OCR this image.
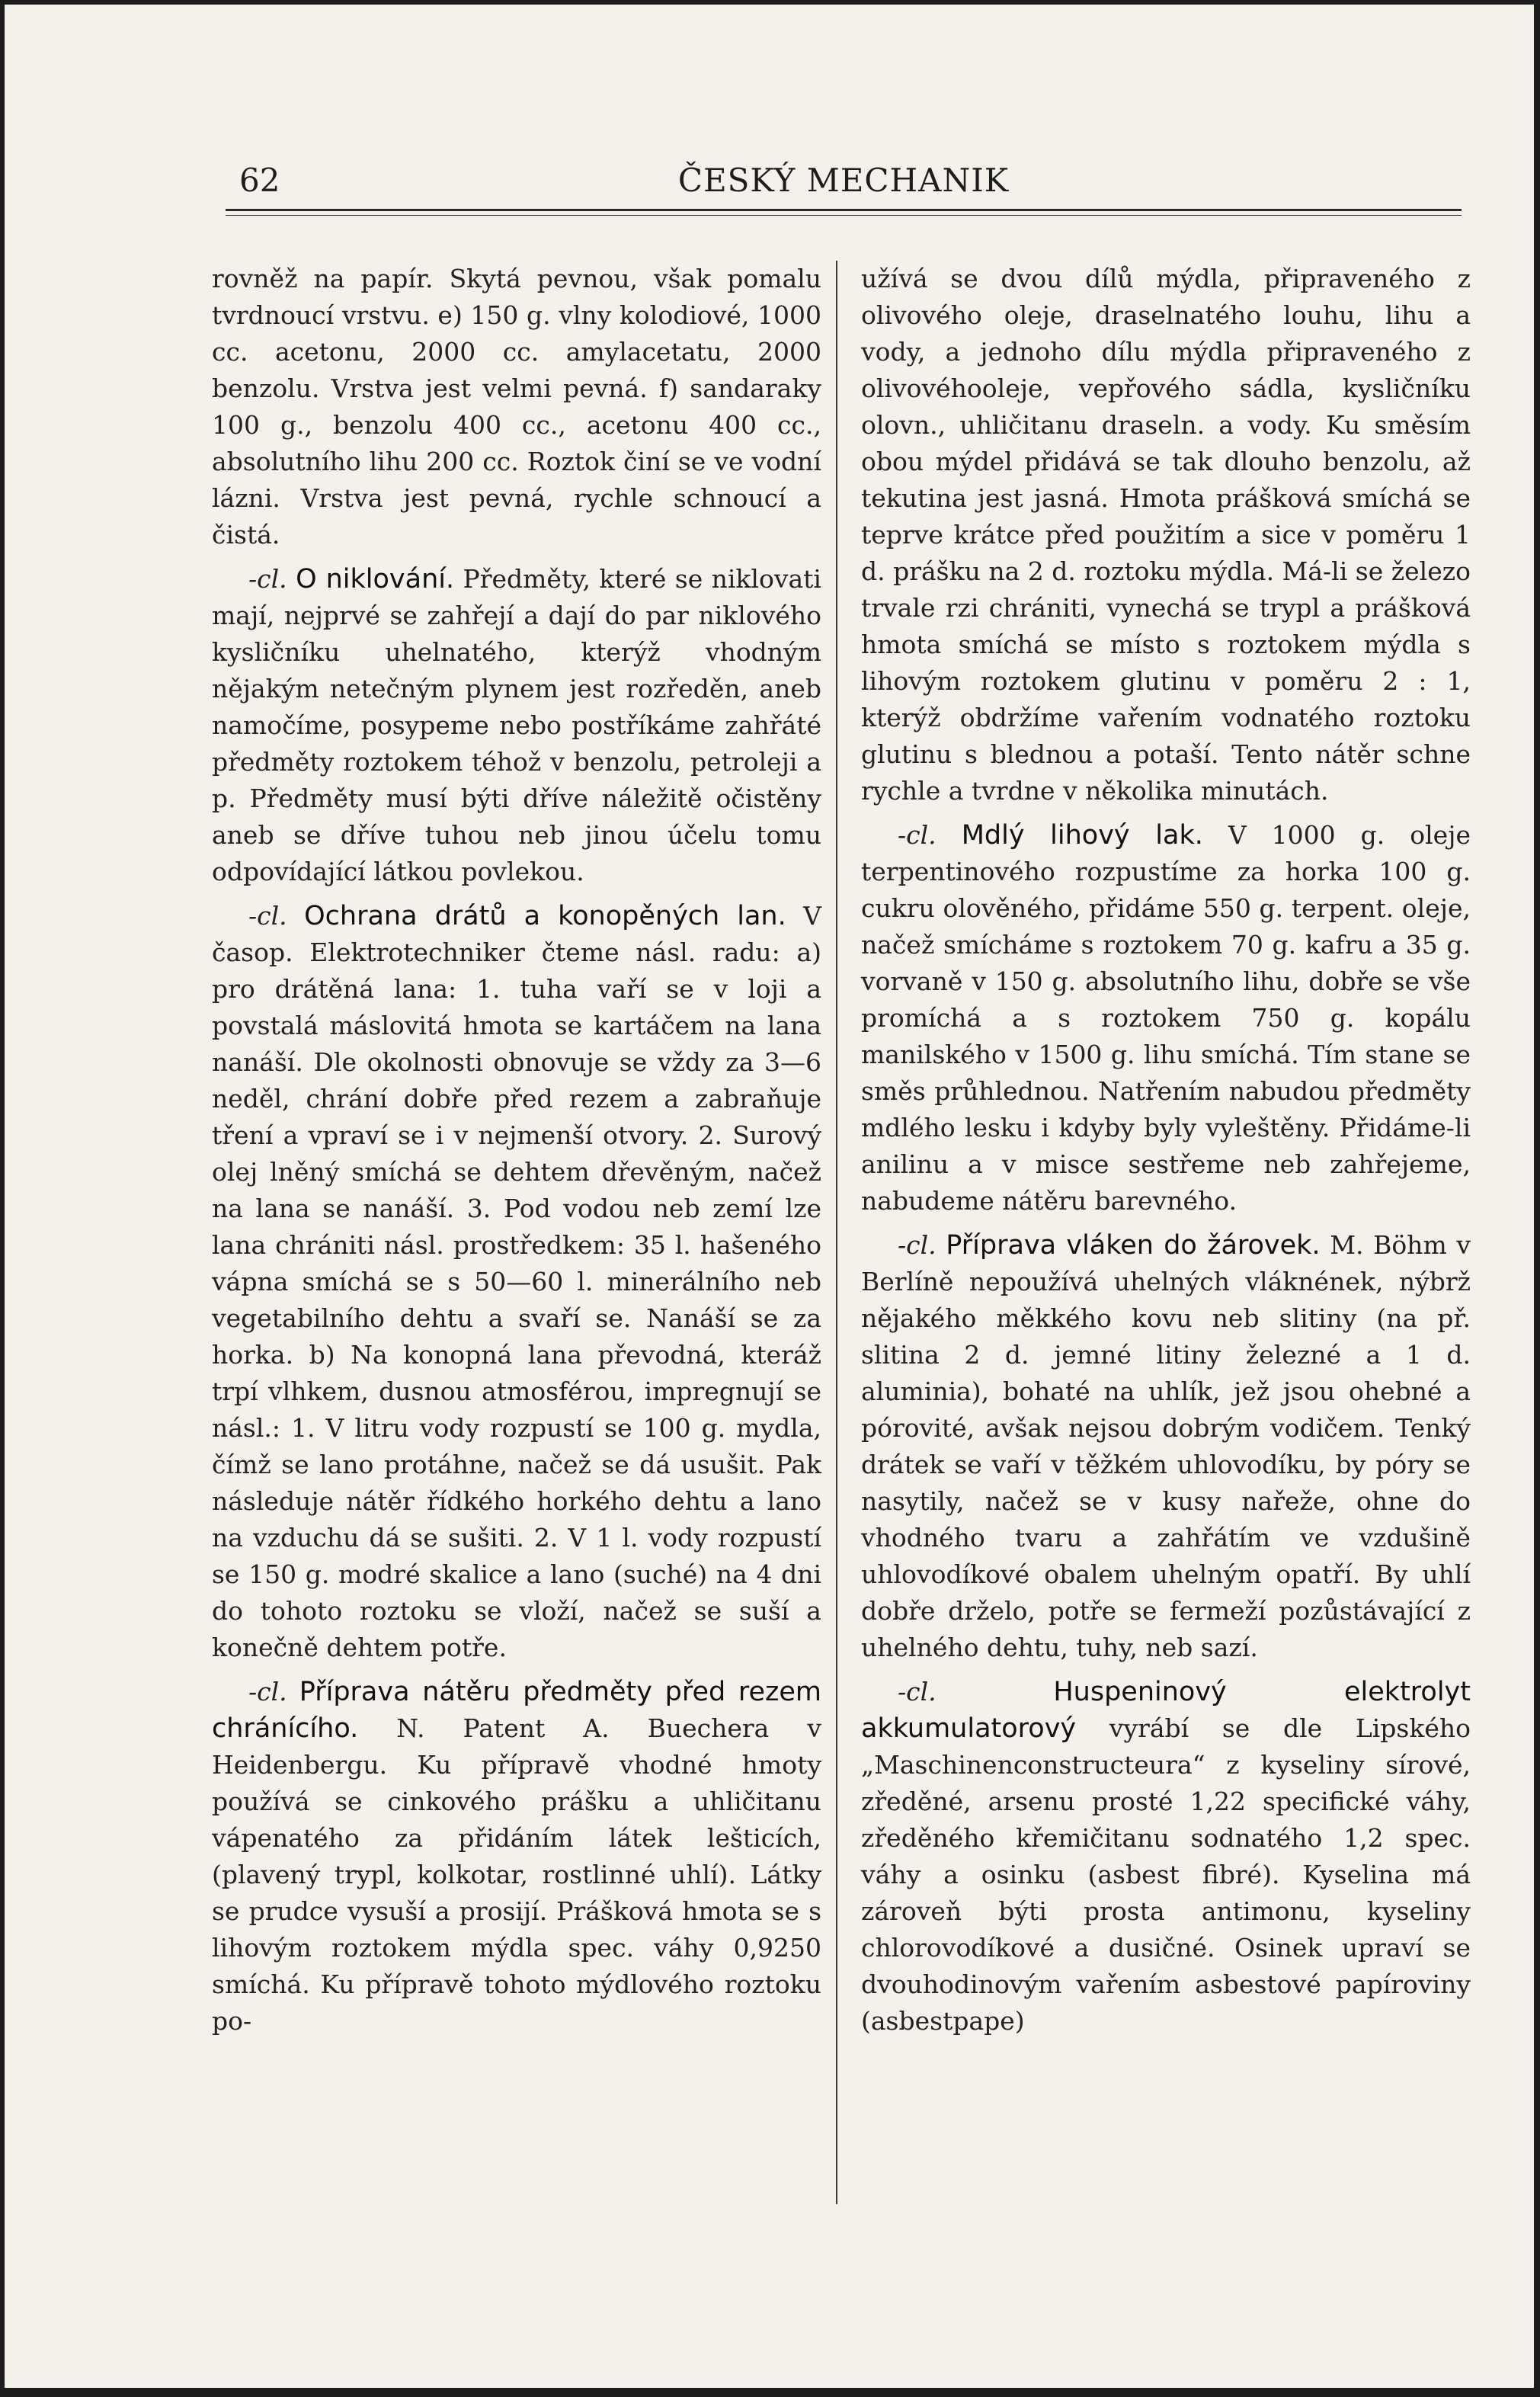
62	ČESKÝ MECHANIK

rovněž na papír. Skytá pevnou, však pomalu tvrdnoucí vrstvu. e) 150 g. vlny kolodiové, 1000 cc. acetonu, 2000 cc. amylacetatu, 2000 benzolu. Vrstva jest velmi pevná. f) sandaraky 100 g., benzolu 400 cc., acetonu 400 cc., absolutního lihu 200 cc. Roztok činí se ve vodní lázni. Vrstva jest pevná, rychle schnoucí a čistá.

-cl. O niklování. Předměty, které se niklovati mají, nejprvé se zahřejí a dají do par niklového kysličníku uhelnatého, kterýž vhodným nějakým netečným plynem jest rozředěn, aneb namočíme, posypeme nebo postříkáme zahřáté předměty roztokem téhož v benzolu, petroleji a p. Předměty musí býti dříve náležitě očistěny aneb se dříve tuhou neb jinou účelu tomu odpovídající látkou povlekou.

-cl. Ochrana drátů a konopěných lan. V časop. Elektrotechniker čteme násl. radu: a) pro drátěná lana: 1. tuha vaří se v loji a povstalá máslovitá hmota se kartáčem na lana nanáší. Dle okolnosti obnovuje se vždy za 3—6 neděl, chrání dobře před rezem a zabraňuje tření a vpraví se i v nejmenší otvory. 2. Surový olej lněný smíchá se dehtem dřevěným, načež na lana se nanáší. 3. Pod vodou neb zemí lze lana chrániti násl. prostředkem: 35 l. hašeného vápna smíchá se s 50—60 l. minerálního neb vegetabilního dehtu a svaří se. Nanáší se za horka. b) Na konopná lana převodná, kteráž trpí vlhkem, dusnou atmosférou, impregnují se násl.: 1. V litru vody rozpustí se 100 g. mydla, čímž se lano protáhne, načež se dá usušit. Pak následuje nátěr řídkého horkého dehtu a lano na vzduchu dá se sušiti. 2. V 1 l. vody rozpustí se 150 g. modré skalice a lano (suché) na 4 dni do tohoto roztoku se vloží, načež se suší a konečně dehtem potře.

-cl. Příprava nátěru předměty před rezem chránícího. N. Patent A. Buechera v Heidenbergu. Ku přípravě vhodné hmoty používá se cinkového prášku a uhličitanu vápenatého za přidáním látek lešticích, (plavený trypl, kolkotar, rostlinné uhlí). Látky se prudce vysuší a prosijí. Prášková hmota se s lihovým roztokem mýdla spec. váhy 0,9250 smíchá. Ku přípravě tohoto mýdlového roztoku po-

užívá se dvou dílů mýdla, připraveného z olivového oleje, draselnatého louhu, lihu a vody, a jednoho dílu mýdla připraveného z olivovéhooleje, vepřového sádla, kysličníku olovn., uhličitanu draseln. a vody. Ku směsím obou mýdel přidává se tak dlouho benzolu, až tekutina jest jasná. Hmota prášková smíchá se teprve krátce před použitím a sice v poměru 1 d. prášku na 2 d. roztoku mýdla. Má-li se železo trvale rzi chrániti, vynechá se trypl a prášková hmota smíchá se místo s roztokem mýdla s lihovým roztokem glutinu v poměru 2 : 1, kterýž obdržíme vařením vodnatého roztoku glutinu s blednou a potaší. Tento nátěr schne rychle a tvrdne v několika minutách.

-cl. Mdlý lihový lak. V 1000 g. oleje terpentinového rozpustíme za horka 100 g. cukru olověného, přidáme 550 g. terpent. oleje, načež smícháme s roztokem 70 g. kafru a 35 g. vorvaně v 150 g. absolutního lihu, dobře se vše promíchá a s roztokem 750 g. kopálu manilského v 1500 g. lihu smíchá. Tím stane se směs průhlednou. Natřením nabudou předměty mdlého lesku i kdyby byly vyleštěny. Přidáme-li anilinu a v misce sestřeme neb zahřejeme, nabudeme nátěru barevného.

-cl. Příprava vláken do žárovek. M. Böhm v Berlíně nepoužívá uhelných vláknének, nýbrž nějakého měkkého kovu neb slitiny (na př. slitina 2 d. jemné litiny železné a 1 d. aluminia), bohaté na uhlík, jež jsou ohebné a pórovité, avšak nejsou dobrým vodičem. Tenký drátek se vaří v těžkém uhlovodíku, by póry se nasytily, načež se v kusy nařeže, ohne do vhodného tvaru a zahřátím ve vzdušině uhlovodíkové obalem uhelným opatří. By uhlí dobře drželo, potře se fermeží pozůstávající z uhelného dehtu, tuhy, neb sazí.

-cl.	Huspeninový elektrolyt akkumulatorový vyrábí se dle Lipského „Maschinenconstructeura“ z kyseliny sírové, zředěné, arsenu prosté 1,22 specifické váhy, zředěného křemičitanu sodnatého 1,2 spec. váhy a osinku (asbest fibré). Kyselina má zároveň býti prosta antimonu, kyseliny chlorovodíkové a dusičné. Osinek upraví se dvouhodinovým vařením asbestové papíroviny (asbestpape)
